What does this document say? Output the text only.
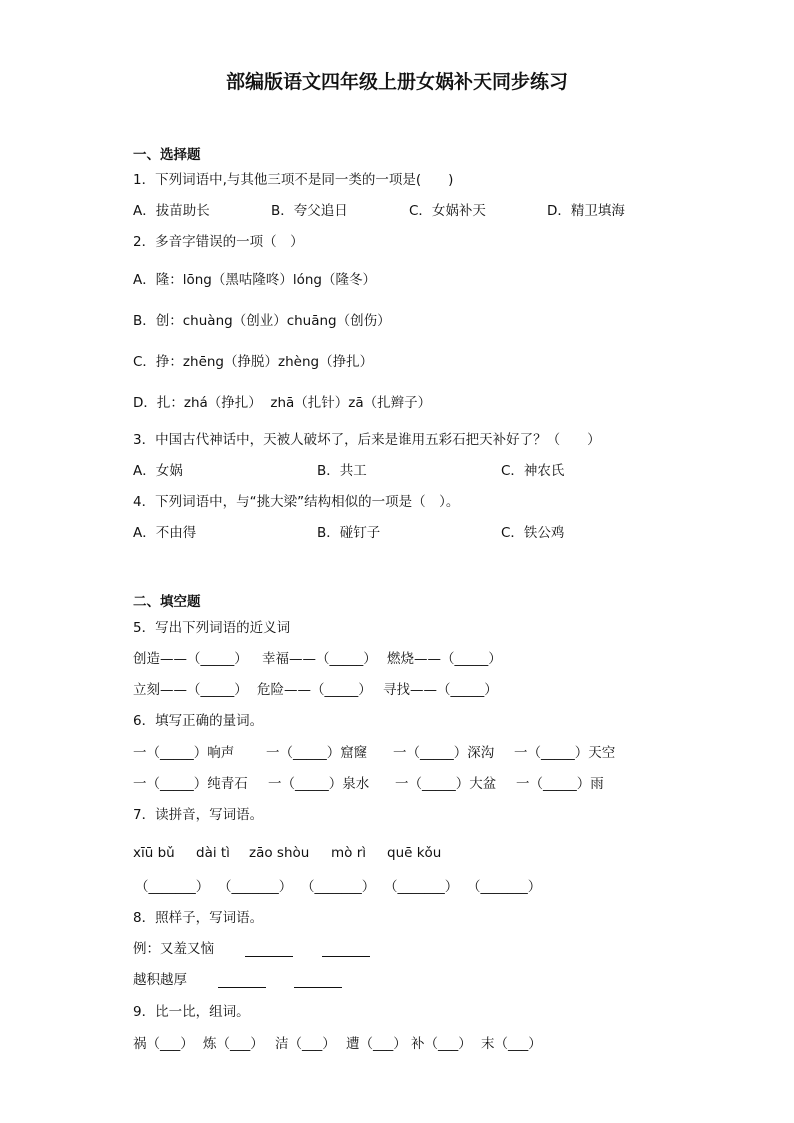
部编版语文四年级上册女娲补天同步练习
一、选择题
1．下列词语中,与其他三项不是同一类的一项是(　　)
A．拔苗助长	B．夸父追日	C．女娲补天	D．精卫填海
2．多音字错误的一项（　）
A．隆：lōng（黑咕隆咚）lóng（隆冬）
B．创：chuàng（创业）chuāng（创伤）
C．挣：zhēng（挣脱）zhèng（挣扎）
D．扎：zhá（挣扎）  zhā（扎针）zā（扎辫子）
3．中国古代神话中，天被人破坏了，后来是谁用五彩石把天补好了？（　　）
A．女娲	B．共工	C．神农氏
4．下列词语中，与“挑大梁”结构相似的一项是（　）。
A．不由得	B．碰钉子	C．铁公鸡
二、填空题
5．写出下列词语的近义词
创造——（_____） 幸福——（_____） 燃烧——（_____）
立刻——（_____） 危险——（_____） 寻找——（_____）
6．填写正确的量词。
一（_____）响声 一（_____）窟窿 一（_____）深沟 一（_____）天空
一（_____）纯青石 一（_____）泉水 一（_____）大盆 一（_____）雨
7．读拼音，写词语。
xīū bǔ dài tì zāo shòu mò rì quē kǒu
（_______） （_______） （_______） （_______） （_______）
8．照样子，写词语。
例：又羞又恼
越积越厚
9．比一比，组词。
祸（___） 炼（___） 洁（___） 遭（___） 补（___） 末（___）
